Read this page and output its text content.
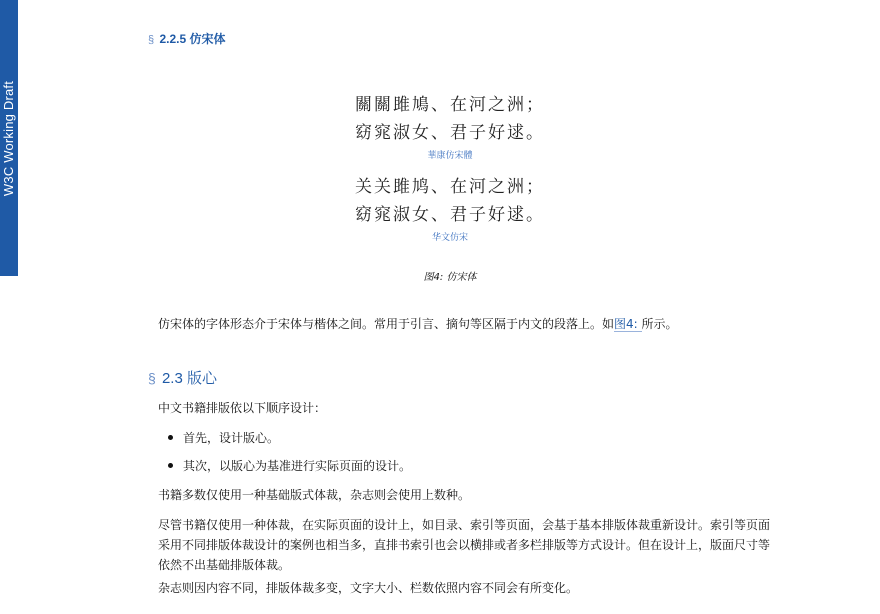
W3C Working Draft
§ 2.2.5 仿宋体
關關雎鳩、在河之洲；
窈窕淑女、君子好逑。
華康仿宋體
关关雎鸠、在河之洲；
窈窕淑女、君子好逑。
华文仿宋
图4: 仿宋体
仿宋体的字体形态介于宋体与楷体之间。常用于引言、摘句等区隔于内文的段落上。如图4: 所示。
§ 2.3 版心
中文书籍排版依以下顺序设计：
首先，设计版心。
其次，以版心为基准进行实际页面的设计。
书籍多数仅使用一种基础版式体裁，杂志则会使用上数种。
尽管书籍仅使用一种体裁，在实际页面的设计上，如目录、索引等页面，会基于基本排版体裁重新设计。索引等页面采用不同排版体裁设计的案例也相当多，直排书索引也会以横排或者多栏排版等方式设计。但在设计上，版面尺寸等依然不出基础排版体裁。
杂志则因内容不同，排版体裁多变，文字大小、栏数依照内容不同会有所变化。
